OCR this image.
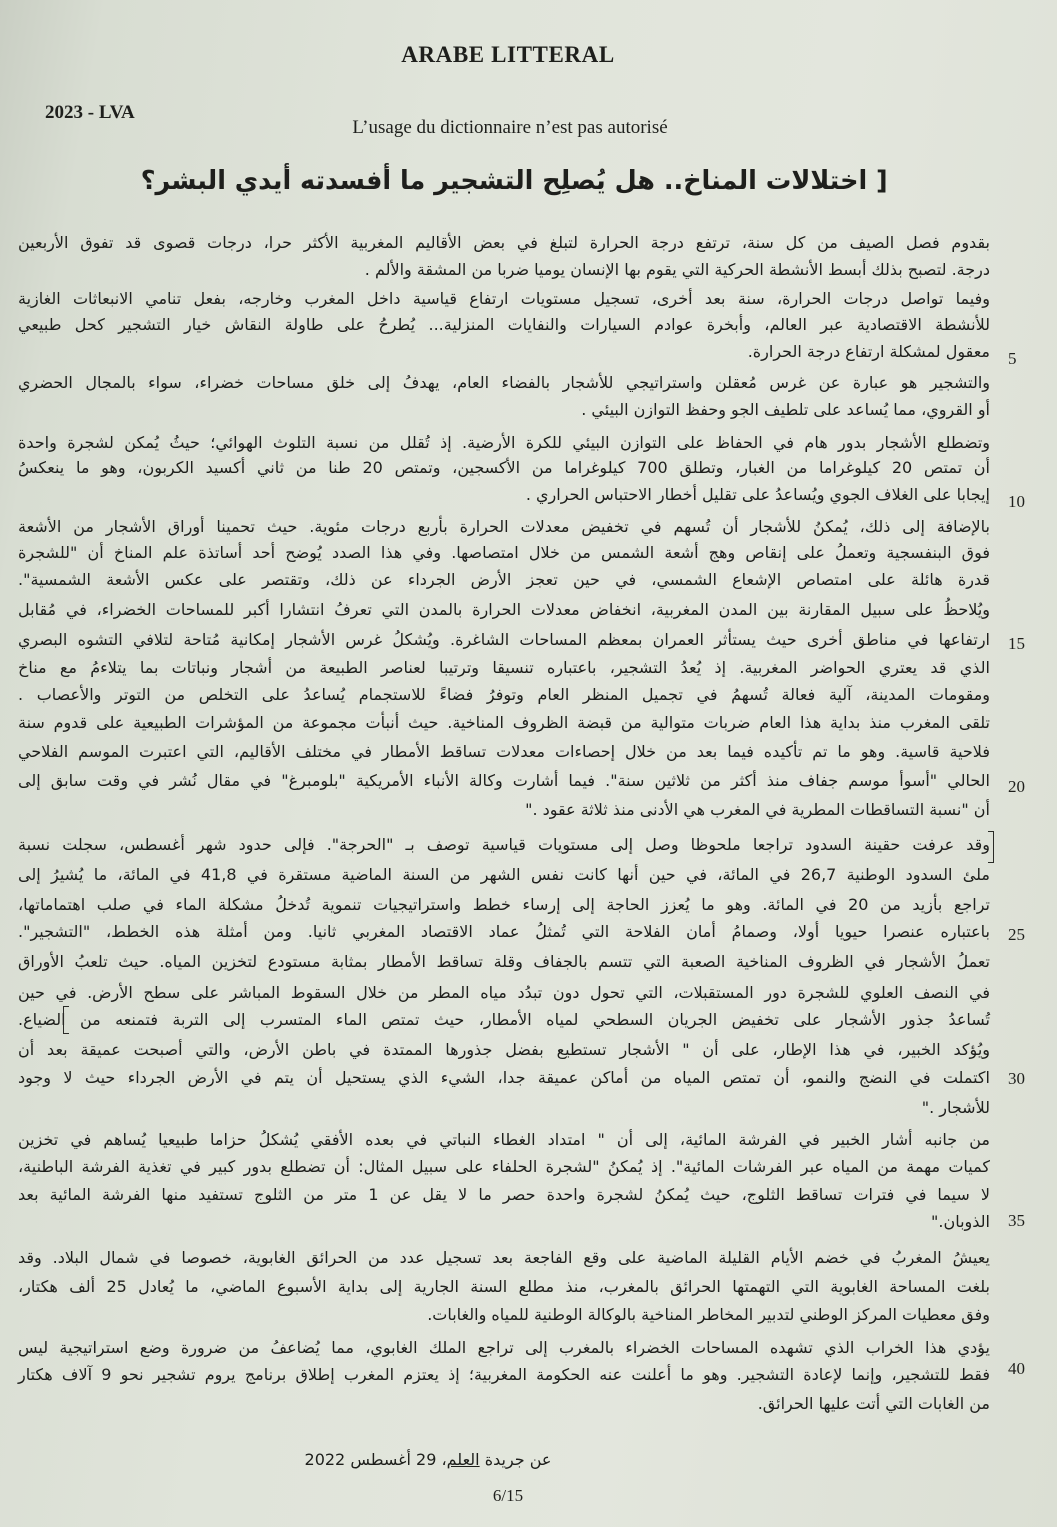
ARABE LITTERAL
2023 - LVA
L’usage du dictionnaire n’est pas autorisé
[ اختلالات المناخ.. هل يُصلِح التشجير ما أفسدته أيدي البشر؟
بقدوم فصل الصيف من كل سنة، ترتفع درجة الحرارة لتبلغ في بعض الأقاليم المغربية الأكثر حرا، درجات قصوى قد تفوق الأربعين
درجة. لتصبح بذلك أبسط الأنشطة الحركية التي يقوم بها الإنسان يوميا ضربا من المشقة والألم .
وفيما تواصل درجات الحرارة، سنة بعد أخرى، تسجيل مستويات ارتفاع قياسية داخل المغرب وخارجه، بفعل تنامي الانبعاثات الغازية
للأنشطة الاقتصادية عبر العالم، وأبخرة عوادم السيارات والنفايات المنزلية... يُطرحُ على طاولة النقاش خيار التشجير كحل طبيعي
معقول لمشكلة ارتفاع درجة الحرارة.
والتشجير هو عبارة عن غرس مُعقلن واستراتيجي للأشجار بالفضاء العام، يهدفُ إلى خلق مساحات خضراء، سواء بالمجال الحضري
أو القروي، مما يُساعد على تلطيف الجو وحفظ التوازن البيئي .
وتضطلع الأشجار بدور هام في الحفاظ على التوازن البيئي للكرة الأرضية. إذ تُقلل من نسبة التلوث الهوائي؛ حيثُ يُمكن لشجرة واحدة
أن تمتص 20 كيلوغراما من الغبار، وتطلق 700 كيلوغراما من الأكسجين، وتمتص 20 طنا من ثاني أكسيد الكربون، وهو ما ينعكسُ
إيجابا على الغلاف الجوي ويُساعدُ على تقليل أخطار الاحتباس الحراري .
بالإضافة إلى ذلك، يُمكنُ للأشجار أن تُسهم في تخفيض معدلات الحرارة بأربع درجات مئوية. حيث تحمينا أوراق الأشجار من الأشعة
فوق البنفسجية وتعملُ على إنقاص وهج أشعة الشمس من خلال امتصاصها. وفي هذا الصدد يُوضح أحد أساتذة علم المناخ أن "للشجرة
قدرة هائلة على امتصاص الإشعاع الشمسي، في حين تعجز الأرض الجرداء عن ذلك، وتقتصر على عكس الأشعة الشمسية".
ويُلاحظُ على سبيل المقارنة بين المدن المغربية، انخفاض معدلات الحرارة بالمدن التي تعرفُ انتشارا أكبر للمساحات الخضراء، في مُقابل
ارتفاعها في مناطق أخرى حيث يستأثر العمران بمعظم المساحات الشاغرة. ويُشكلُ غرس الأشجار إمكانية مُتاحة لتلافي التشوه البصري
الذي قد يعتري الحواضر المغربية. إذ يُعدُ التشجير، باعتباره تنسيقا وترتيبا لعناصر الطبيعة من أشجار ونباتات بما يتلاءمُ مع مناخ
ومقومات المدينة، آلية فعالة تُسهمُ في تجميل المنظر العام وتوفرُ فضاءً للاستجمام يُساعدُ على التخلص من التوتر والأعصاب .
تلقى المغرب منذ بداية هذا العام ضربات متوالية من قبضة الظروف المناخية. حيث أنبأت مجموعة من المؤشرات الطبيعية على قدوم سنة
فلاحية قاسية. وهو ما تم تأكيده فيما بعد من خلال إحصاءات معدلات تساقط الأمطار في مختلف الأقاليم، التي اعتبرت الموسم الفلاحي
الحالي "أسوأ موسم جفاف منذ أكثر من ثلاثين سنة". فيما أشارت وكالة الأنباء الأمريكية "بلومبرغ" في مقال نُشر في وقت سابق إلى
أن "نسبة التساقطات المطرية في المغرب هي الأدنى منذ ثلاثة عقود ."
وقد عرفت حقينة السدود تراجعا ملحوظا وصل إلى مستويات قياسية توصف بـ "الحرجة". فإلى حدود شهر أغسطس، سجلت نسبة
ملئ السدود الوطنية 26,7 في المائة، في حين أنها كانت نفس الشهر من السنة الماضية مستقرة في 41,8 في المائة، ما يُشيرُ إلى
تراجع بأزيد من 20 في المائة. وهو ما يُعزز الحاجة إلى إرساء خطط واستراتيجيات تنموية تُدخلُ مشكلة الماء في صلب اهتماماتها،
باعتباره عنصرا حيويا أولا، وصمامُ أمان الفلاحة التي تُمثلُ عماد الاقتصاد المغربي ثانيا. ومن أمثلة هذه الخطط، "التشجير".
تعملُ الأشجار في الظروف المناخية الصعبة التي تتسم بالجفاف وقلة تساقط الأمطار بمثابة مستودع لتخزين المياه. حيث تلعبُ الأوراق
في النصف العلوي للشجرة دور المستقبلات، التي تحول دون تبدُد مياه المطر من خلال السقوط المباشر على سطح الأرض. في حين
تُساعدُ جذور الأشجار على تخفيض الجريان السطحي لمياه الأمطار، حيث تمتص الماء المتسرب إلى التربة فتمنعه من الضياع.
ويُؤكد الخبير، في هذا الإطار، على أن " الأشجار تستطيع بفضل جذورها الممتدة في باطن الأرض، والتي أصبحت عميقة بعد أن
اكتملت في النضج والنمو، أن تمتص المياه من أماكن عميقة جدا، الشيء الذي يستحيل أن يتم في الأرض الجرداء حيث لا وجود
للأشجار ."
من جانبه أشار الخبير في الفرشة المائية، إلى أن " امتداد الغطاء النباتي في بعده الأفقي يُشكلُ حزاما طبيعيا يُساهم في تخزين
كميات مهمة من المياه عبر الفرشات المائية". إذ يُمكنُ "لشجرة الحلفاء على سبيل المثال: أن تضطلع بدور كبير في تغذية الفرشة الباطنية،
لا سيما في فترات تساقط الثلوج، حيث يُمكنُ لشجرة واحدة حصر ما لا يقل عن 1 متر من الثلوج تستفيد منها الفرشة المائية بعد
الذوبان."
يعيشُ المغربُ في خضم الأيام القليلة الماضية على وقع الفاجعة بعد تسجيل عدد من الحرائق الغابوية، خصوصا في شمال البلاد. وقد
بلغت المساحة الغابوية التي التهمتها الحرائق بالمغرب، منذ مطلع السنة الجارية إلى بداية الأسبوع الماضي، ما يُعادل 25 ألف هكتار،
وفق معطيات المركز الوطني لتدبير المخاطر المناخية بالوكالة الوطنية للمياه والغابات.
يؤدي هذا الخراب الذي تشهده المساحات الخضراء بالمغرب إلى تراجع الملك الغابوي، مما يُضاعفُ من ضرورة وضع استراتيجية ليس
فقط للتشجير، وإنما لإعادة التشجير. وهو ما أعلنت عنه الحكومة المغربية؛ إذ يعتزم المغرب إطلاق برنامج يروم تشجير نحو 9 آلاف هكتار
من الغابات التي أتت عليها الحرائق.
5
10
15
20
25
30
35
40
عن جريدة العلم، 29 أغسطس 2022
6/15
